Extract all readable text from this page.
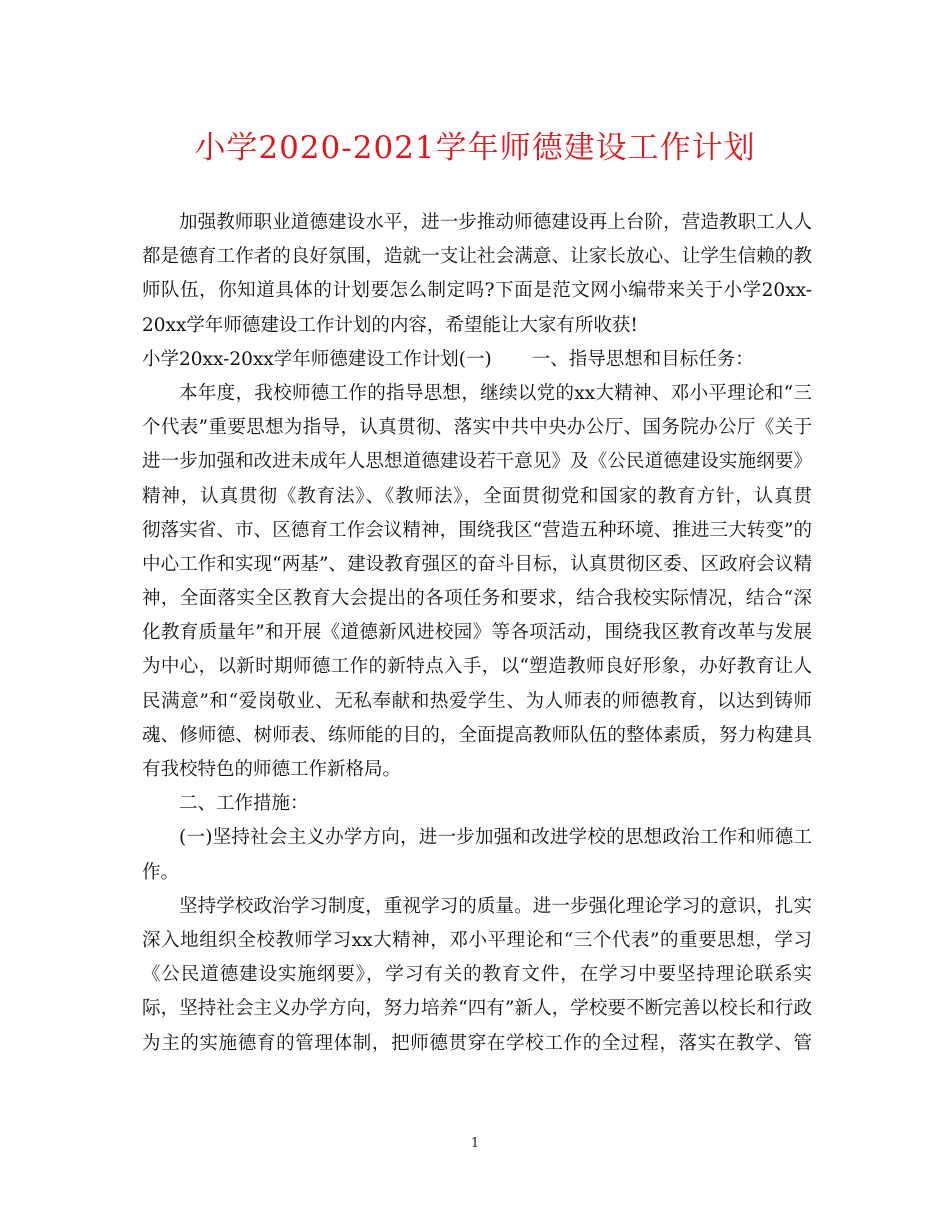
小学2020-2021学年师德建设工作计划
加强教师职业道德建设水平，进一步推动师德建设再上台阶，营造教职工人人
都是德育工作者的良好氛围，造就一支让社会满意、让家长放心、让学生信赖的教
师队伍，你知道具体的计划要怎么制定吗?下面是范文网小编带来关于小学20xx-
20xx学年师德建设工作计划的内容，希望能让大家有所收获!
小学20xx-20xx学年师德建设工作计划(一) 一、指导思想和目标任务：
本年度，我校师德工作的指导思想，继续以党的xx大精神、邓小平理论和“三
个代表”重要思想为指导，认真贯彻、落实中共中央办公厅、国务院办公厅《关于
进一步加强和改进未成年人思想道德建设若干意见》及《公民道德建设实施纲要》
精神，认真贯彻《教育法》、《教师法》，全面贯彻党和国家的教育方针，认真贯
彻落实省、市、区德育工作会议精神，围绕我区“营造五种环境、推进三大转变”的
中心工作和实现“两基”、建设教育强区的奋斗目标，认真贯彻区委、区政府会议精
神，全面落实全区教育大会提出的各项任务和要求，结合我校实际情况，结合“深
化教育质量年”和开展《道德新风进校园》等各项活动，围绕我区教育改革与发展
为中心，以新时期师德工作的新特点入手，以“塑造教师良好形象，办好教育让人
民满意”和“爱岗敬业、无私奉献和热爱学生、为人师表的师德教育，以达到铸师
魂、修师德、树师表、练师能的目的，全面提高教师队伍的整体素质，努力构建具
有我校特色的师德工作新格局。
二、工作措施：
(一)坚持社会主义办学方向，进一步加强和改进学校的思想政治工作和师德工
作。
坚持学校政治学习制度，重视学习的质量。进一步强化理论学习的意识，扎实
深入地组织全校教师学习xx大精神，邓小平理论和“三个代表”的重要思想，学习
《公民道德建设实施纲要》，学习有关的教育文件，在学习中要坚持理论联系实
际，坚持社会主义办学方向，努力培养“四有”新人，学校要不断完善以校长和行政
为主的实施德育的管理体制，把师德贯穿在学校工作的全过程，落实在教学、管
1
